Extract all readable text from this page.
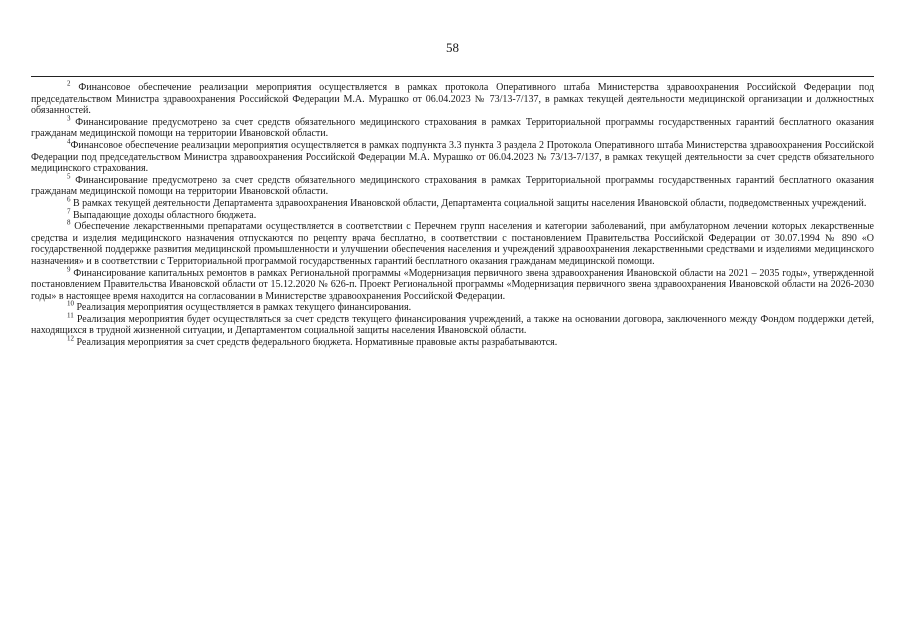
58

$^2$ Финансовое обеспечение реализации мероприятия осуществляется в рамках протокола Оперативного штаба Министерства здравоохранения Российской Федерации под председательством Министра здравоохранения Российской Федерации М.А. Мурашко от 06.04.2023 № 73/13-7/137, в рамках текущей деятельности медицинской организации и должностных обязанностей.

$^3$ Финансирование предусмотрено за счет средств обязательного медицинского страхования в рамках Территориальной программы государственных гарантий бесплатного оказания гражданам медицинской помощи на территории Ивановской области.

$^4$Финансовое обеспечение реализации мероприятия осуществляется в рамках подпункта 3.3 пункта 3 раздела 2 Протокола Оперативного штаба Министерства здравоохранения Российской Федерации под председательством Министра здравоохранения Российской Федерации М.А. Мурашко от 06.04.2023 № 73/13-7/137, в рамках текущей деятельности за счет средств обязательного медицинского страхования.

$^5$ Финансирование предусмотрено за счет средств обязательного медицинского страхования в рамках Территориальной программы государственных гарантий бесплатного оказания гражданам медицинской помощи на территории Ивановской области.

$^6$ В рамках текущей деятельности Департамента здравоохранения Ивановской области, Департамента социальной защиты населения Ивановской области, подведомственных учреждений.

$^7$ Выпадающие доходы областного бюджета.

$^8$ Обеспечение лекарственными препаратами осуществляется в соответствии с Перечнем групп населения и категории заболеваний, при амбулаторном лечении которых лекарственные средства и изделия медицинского назначения отпускаются по рецепту врача бесплатно, в соответствии с постановлением Правительства Российской Федерации от 30.07.1994 № 890 «О государственной поддержке развития медицинской промышленности и улучшении обеспечения населения и учреждений здравоохранения лекарственными средствами и изделиями медицинского назначения» и в соответствии с Территориальной программой государственных гарантий бесплатного оказания гражданам медицинской помощи.

$^9$ Финансирование капитальных ремонтов в рамках Региональной программы «Модернизация первичного звена здравоохранения Ивановской области на 2021 – 2035 годы», утвержденной постановлением Правительства Ивановской области от 15.12.2020 № 626-п. Проект Региональной программы «Модернизация первичного звена здравоохранения Ивановской области на 2026-2030 годы» в настоящее время находится на согласовании в Министерстве здравоохранения Российской Федерации.

$^{10}$ Реализация мероприятия осуществляется в рамках текущего финансирования.

$^{11}$ Реализация мероприятия будет осуществляться за счет средств текущего финансирования учреждений, а также на основании договора, заключенного между Фондом поддержки детей, находящихся в трудной жизненной ситуации, и Департаментом социальной защиты населения Ивановской области.

$^{12}$ Реализация мероприятия за счет средств федерального бюджета. Нормативные правовые акты разрабатываются.
